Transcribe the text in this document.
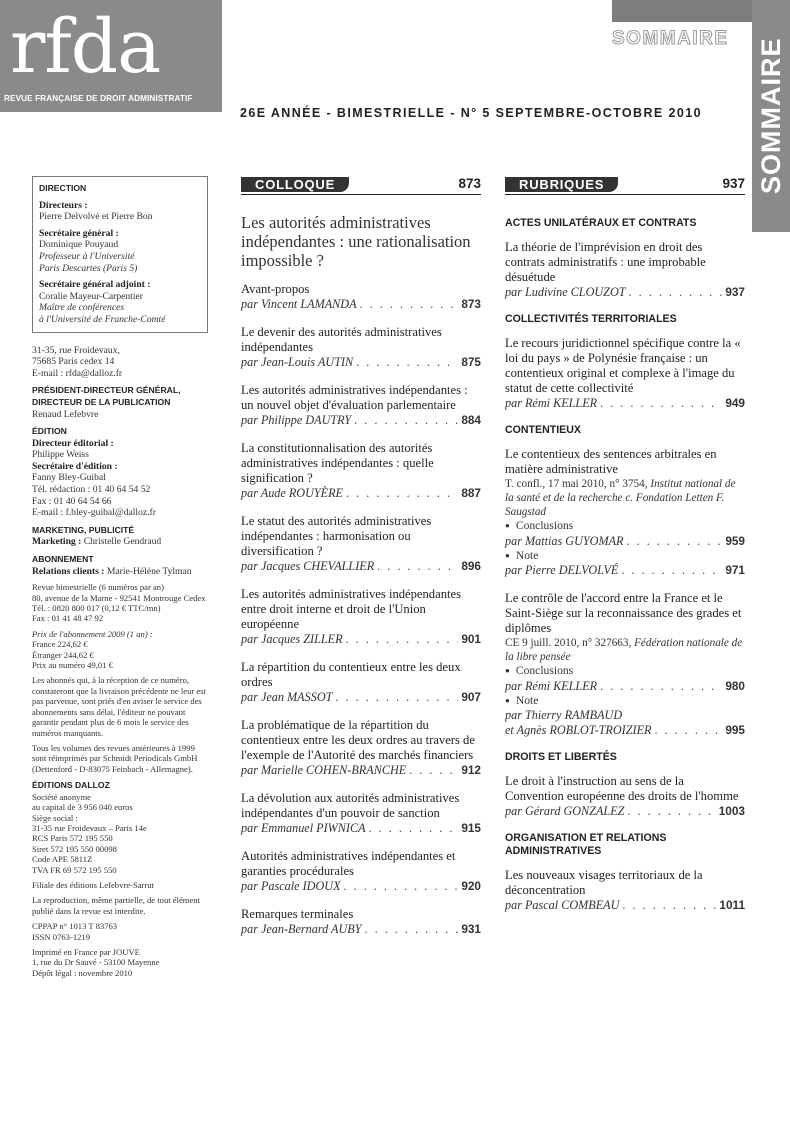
rfda
REVUE FRANÇAISE DE DROIT ADMINISTRATIF
SOMMAIRE SOMMAIRE
26E ANNÉE - BIMESTRIELLE - N° 5 SEPTEMBRE-OCTOBRE 2010
DIRECTION
Directeurs :
Pierre Delvolvé et Pierre Bon
Secrétaire général :
Dominique Pouyaud
Professeur à l'Université
Paris Descartes (Paris 5)
Secrétaire général adjoint :
Coralie Mayeur-Carpentier
Maître de conférences
à l'Université de Franche-Comté
31-35, rue Froidevaux,
75685 Paris cedex 14
E-mail : rfda@dalloz.fr
PRÉSIDENT-DIRECTEUR GÉNÉRAL, DIRECTEUR DE LA PUBLICATION
Renaud Lefebvre
ÉDITION
Directeur éditorial :
Philippe Weiss
Secrétaire d'édition :
Fanny Bley-Guibal
Tél. rédaction : 01 40 64 54 52
Fax : 01 40 64 54 66
E-mail : f.bley-guibal@dalloz.fr
MARKETING, PUBLICITÉ
Marketing : Christelle Gendraud
ABONNEMENT
Relations clients : Marie-Hélène Tylman
Revue bimestrielle (6 numéros par an)
80, avenue de la Marne - 92541 Montrouge Cedex
Tél. : 0820 800 017 (0,12 € TTC/mn)
Fax : 01 41 48 47 92
Prix de l'abonnement 2009 (1 an) :
France 224,62 €
Étranger 244,62 €
Prix au numéro 49,01 €
Les abonnés qui, à la réception de ce numéro, constateront que la livraison précédente ne leur est pas parvenue, sont priés d'en aviser le service des abonnements sans délai, l'éditeur ne pouvant garantir pendant plus de 6 mois le service des numéros manquants.
Tous les volumes des revues antérieures à 1999 sont réimprimés par Schmidt Periodicals GmbH (Dettenford - D-83075 Feinbach - Allemagne).
ÉDITIONS DALLOZ
Société anonyme
au capital de 3 956 040 euros
Siège social :
31-35 rue Froidevaux – Paris 14e
RCS Paris 572 195 550
Siret 572 195 550 00098
Code APE 5811Z
TVA FR 69 572 195 550
Filiale des éditions Lefebvre-Sarrut
La reproduction, même partielle, de tout élément publié dans la revue est interdite.
CPPAP n° 1013 T 83763
ISSN 0763-1219
Imprimé en France par JOUVE
1, rue du Dr Sauvé - 53100 Mayenne
Dépôt légal : novembre 2010
COLLOQUE	873	RUBRIQUES	937
Les autorités administratives indépendantes : une rationalisation impossible ?
Avant-propos
par Vincent LAMANDA . . .	873
Le devenir des autorités administratives indépendantes
par Jean-Louis AUTIN . . .	875
Les autorités administratives indépendantes : un nouvel objet d'évaluation parlementaire
par Philippe DAUTRY . . .	884
La constitutionnalisation des autorités administratives indépendantes : quelle signification ?
par Aude ROUYÈRE . . .	887
Le statut des autorités administratives indépendantes : harmonisation ou diversification ?
par Jacques CHEVALLIER . . .	896
Les autorités administratives indépendantes entre droit interne et droit de l'Union européenne
par Jacques ZILLER . . .	901
La répartition du contentieux entre les deux ordres
par Jean MASSOT . . .	907
La problématique de la répartition du contentieux entre les deux ordres au travers de l'exemple de l'Autorité des marchés financiers
par Marielle COHEN-BRANCHE . . .	912
La dévolution aux autorités administratives indépendantes d'un pouvoir de sanction
par Emmanuel PIWNICA . . .	915
Autorités administratives indépendantes et garanties procédurales
par Pascale IDOUX . . .	920
Remarques terminales
par Jean-Bernard AUBY . . .	931
ACTES UNILATÉRAUX ET CONTRATS
La théorie de l'imprévision en droit des contrats administratifs : une improbable désuétude
par Ludivine CLOUZOT . . .	937
COLLECTIVITÉS TERRITORIALES
Le recours juridictionnel spécifique contre la « loi du pays » de Polynésie française : un contentieux original et complexe à l'image du statut de cette collectivité
par Rémi KELLER . . .	949
CONTENTIEUX
Le contentieux des sentences arbitrales en matière administrative
T. confl., 17 mai 2010, n° 3754, Institut national de la santé et de la recherche c. Fondation Letten F. Saugstad
● Conclusions
par Mattias GUYOMAR . . .	959
● Note
par Pierre DELVOLVÉ . . .	971
Le contrôle de l'accord entre la France et le Saint-Siège sur la reconnaissance des grades et diplômes
CE 9 juill. 2010, n° 327663, Fédération nationale de la libre pensée
● Conclusions
par Rémi KELLER . . .	980
● Note
par Thierry RAMBAUD
et Agnès ROBLOT-TROIZIER . . .	995
DROITS ET LIBERTÉS
Le droit à l'instruction au sens de la Convention européenne des droits de l'homme
par Gérard GONZALEZ . . .	1003
ORGANISATION ET RELATIONS ADMINISTRATIVES
Les nouveaux visages territoriaux de la déconcentration
par Pascal COMBEAU . . .	1011
